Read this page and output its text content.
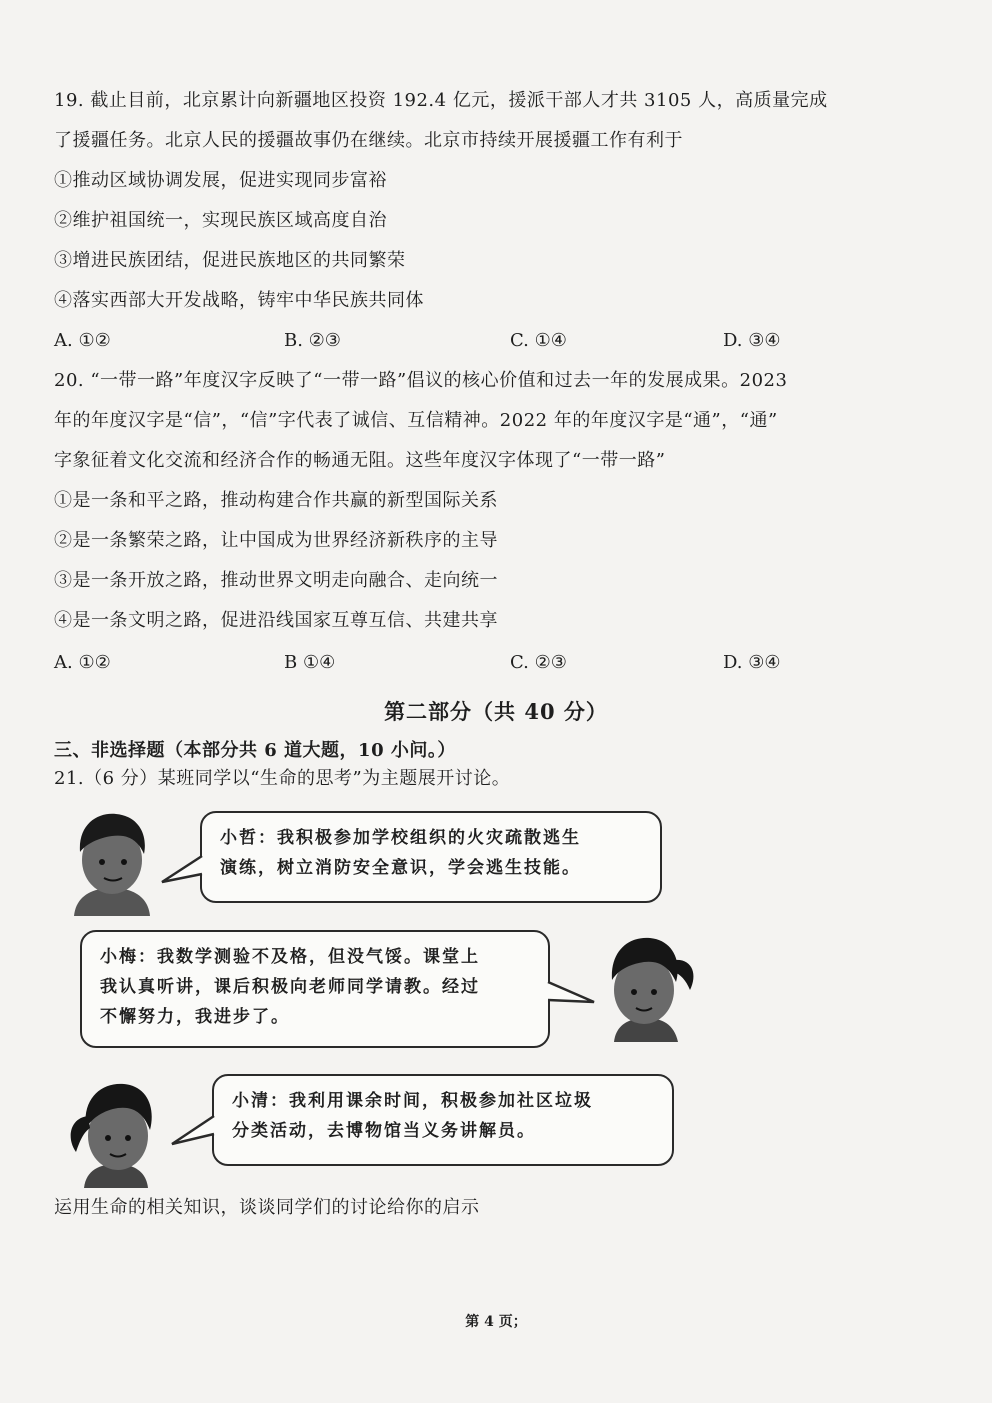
19. 截止目前，北京累计向新疆地区投资 192.4 亿元，援派干部人才共 3105 人，高质量完成
了援疆任务。北京人民的援疆故事仍在继续。北京市持续开展援疆工作有利于
①推动区域协调发展，促进实现同步富裕
②维护祖国统一，实现民族区域高度自治
③增进民族团结，促进民族地区的共同繁荣
④落实西部大开发战略，铸牢中华民族共同体
A. ①②	B. ②③	C. ①④	D. ③④
20. “一带一路”年度汉字反映了“一带一路”倡议的核心价值和过去一年的发展成果。2023
年的年度汉字是“信”，“信”字代表了诚信、互信精神。2022 年的年度汉字是“通”，“通”
字象征着文化交流和经济合作的畅通无阻。这些年度汉字体现了“一带一路”
①是一条和平之路，推动构建合作共赢的新型国际关系
②是一条繁荣之路，让中国成为世界经济新秩序的主导
③是一条开放之路，推动世界文明走向融合、走向统一
④是一条文明之路，促进沿线国家互尊互信、共建共享
A. ①②	B ①④	C. ②③	D. ③④
第二部分（共 40 分）
三、非选择题（本部分共 6 道大题，10 小问。）
21.（6 分）某班同学以“生命的思考”为主题展开讨论。
小哲：我积极参加学校组织的火灾疏散逃生
演练，树立消防安全意识，学会逃生技能。
小梅：我数学测验不及格，但没气馁。课堂上
我认真听讲，课后积极向老师同学请教。经过
不懈努力，我进步了。
小清：我利用课余时间，积极参加社区垃圾
分类活动，去博物馆当义务讲解员。
运用生命的相关知识，谈谈同学们的讨论给你的启示
第 4 页；
